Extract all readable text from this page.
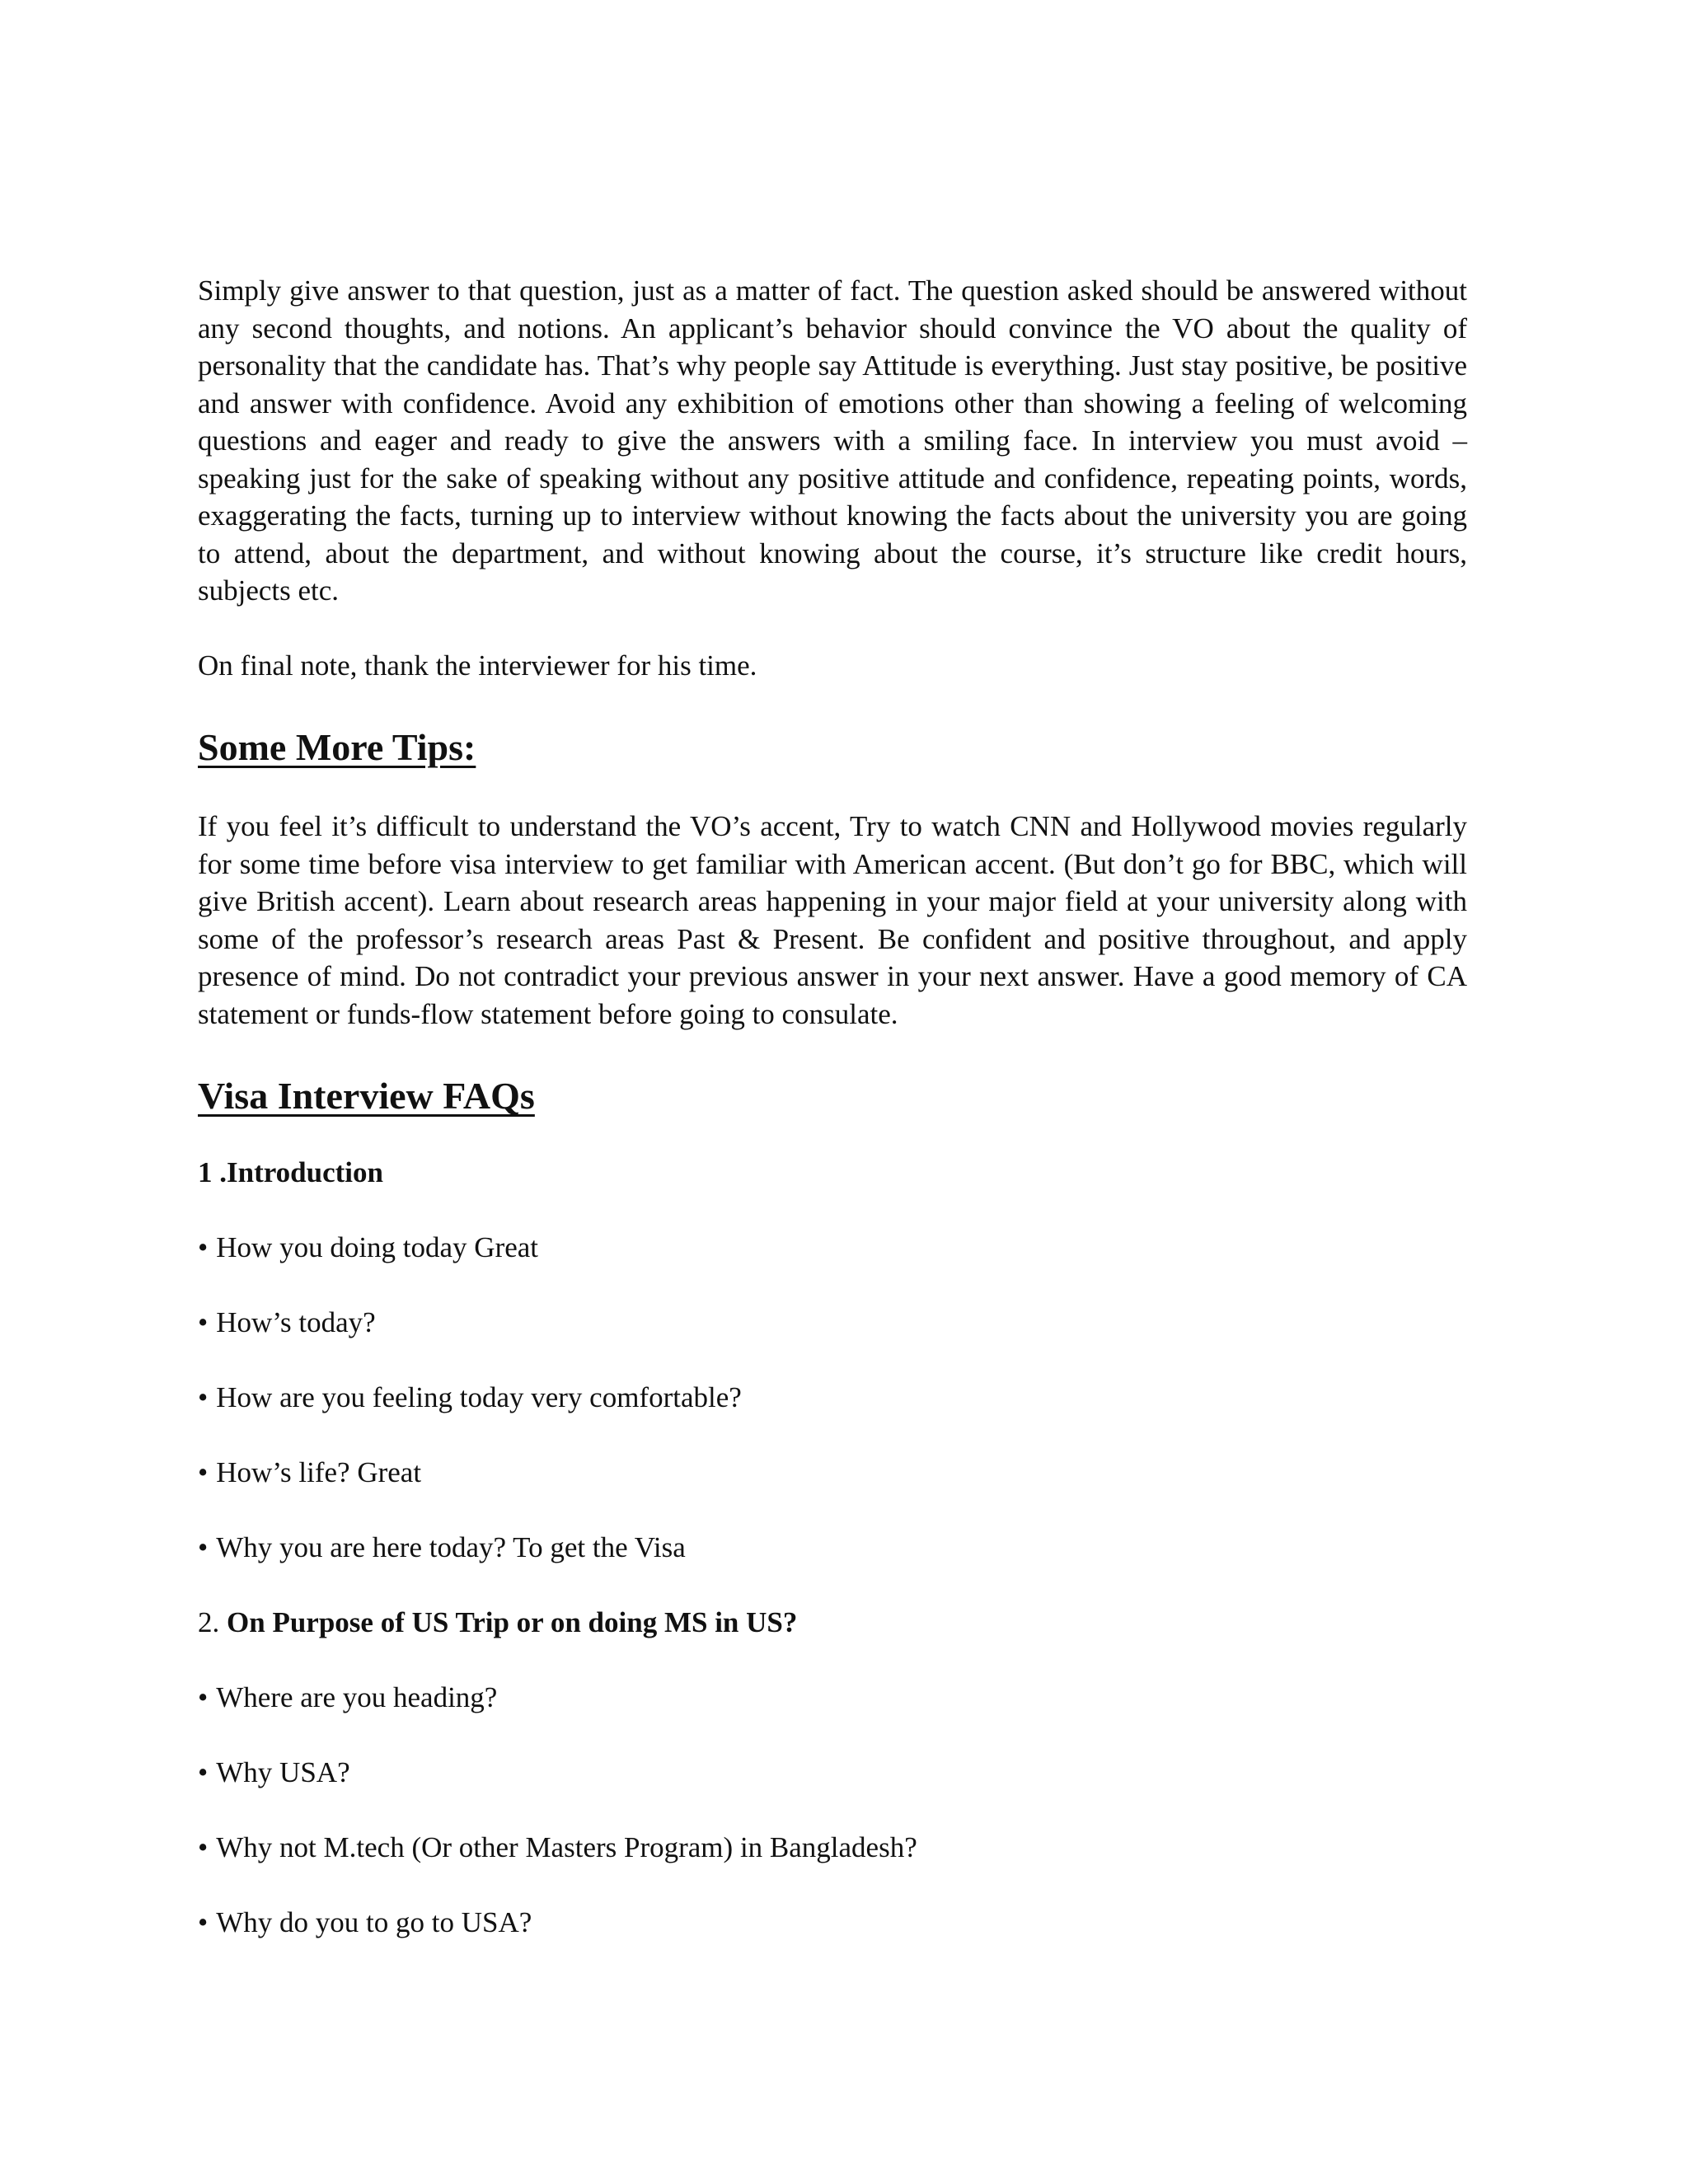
Simply give answer to that question, just as a matter of fact. The question asked should be answered without any second thoughts, and notions. An applicant’s behavior should convince the VO about the quality of personality that the candidate has. That’s why people say Attitude is everything. Just stay positive, be positive and answer with confidence. Avoid any exhibition of emotions other than showing a feeling of welcoming questions and eager and ready to give the answers with a smiling face. In interview you must avoid – speaking just for the sake of speaking without any positive attitude and confidence, repeating points, words, exaggerating the facts, turning up to interview without knowing the facts about the university you are going to attend, about the department, and without knowing about the course, it’s structure like credit hours, subjects etc.

On final note, thank the interviewer for his time.

Some More Tips:

If you feel it’s difficult to understand the VO’s accent, Try to watch CNN and Hollywood movies regularly for some time before visa interview to get familiar with American accent. (But don’t go for BBC, which will give British accent). Learn about research areas happening in your major field at your university along with some of the professor’s research areas Past & Present. Be confident and positive throughout, and apply presence of mind. Do not contradict your previous answer in your next answer. Have a good memory of CA statement or funds-flow statement before going to consulate.

Visa Interview FAQs

1 .Introduction

• How you doing today Great

• How’s today?

• How are you feeling today very comfortable?

• How’s life? Great

• Why you are here today? To get the Visa

2. On Purpose of US Trip or on doing MS in US?

• Where are you heading?

• Why USA?

• Why not M.tech (Or other Masters Program) in Bangladesh?

• Why do you to go to USA?
